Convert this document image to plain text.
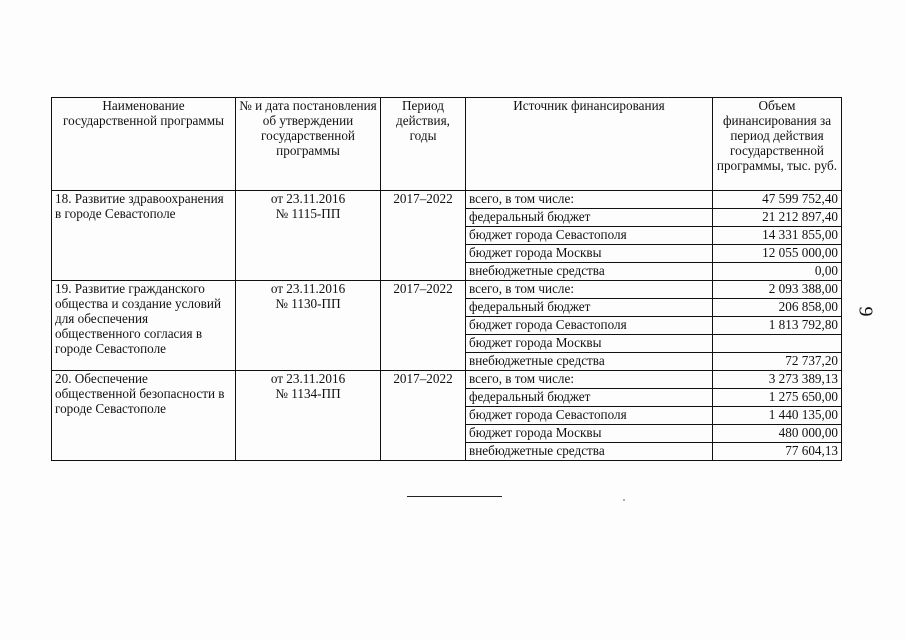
Наименование государственной программы	№ и дата постановления об утверждении государственной программы	Период действия, годы	Источник финансирования	Объем финансирования за период действия государственной программы, тыс. руб.
18. Развитие здравоохранения в городе Севастополе	от 23.11.2016
№ 1115-ПП	2017–2022	всего, в том числе:	47 599 752,40
			федеральный бюджет	21 212 897,40
			бюджет города Севастополя	14 331 855,00
			бюджет города Москвы	12 055 000,00
			внебюджетные средства	0,00
19. Развитие гражданского общества и создание условий для обеспечения общественного согласия в городе Севастополе	от 23.11.2016
№ 1130-ПП	2017–2022	всего, в том числе:	2 093 388,00
			федеральный бюджет	206 858,00
			бюджет города Севастополя	1 813 792,80
			бюджет города Москвы	
			внебюджетные средства	72 737,20
20. Обеспечение общественной безопасности в городе Севастополе	от 23.11.2016
№ 1134-ПП	2017–2022	всего, в том числе:	3 273 389,13
			федеральный бюджет	1 275 650,00
			бюджет города Севастополя	1 440 135,00
			бюджет города Москвы	480 000,00
			внебюджетные средства	77 604,13
9
